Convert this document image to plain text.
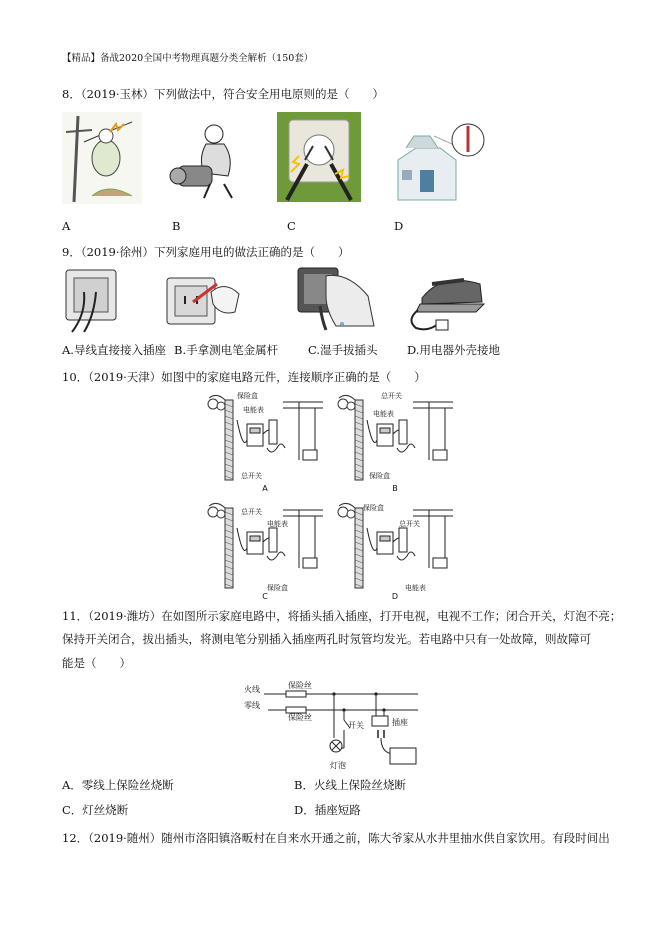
【精品】备战2020全国中考物理真题分类全解析（150套）
8．（2019·玉林）下列做法中，符合安全用电原则的是（　　）
A	B	C	D
9．（2019·徐州）下列家庭用电的做法正确的是（　　）
A.导线直接接入插座 B.手拿测电笔金属杆	C.湿手拔插头	D.用电器外壳接地
10．（2019·天津）如图中的家庭电路元件，连接顺序正确的是（　　）
保险盒
电能表
总开关
A
总开关
电能表
保险盒
B
总开关
电能表
保险盒
C
保险盒
总开关
电能表
D
11．（2019·潍坊）在如图所示家庭电路中，将插头插入插座，打开电视，电视不工作；闭合开关，灯泡不亮；
保持开关闭合，拔出插头，将测电笔分别插入插座两孔时氖管均发光。若电路中只有一处故障，则故障可
能是（　　）
火线
零线
保险丝
保险丝
开关	插座
灯泡
A．零线上保险丝烧断	B．火线上保险丝烧断
C．灯丝烧断	D．插座短路
12．（2019·随州）随州市洛阳镇洛畈村在自来水开通之前，陈大爷家从水井里抽水供自家饮用。有段时间出
